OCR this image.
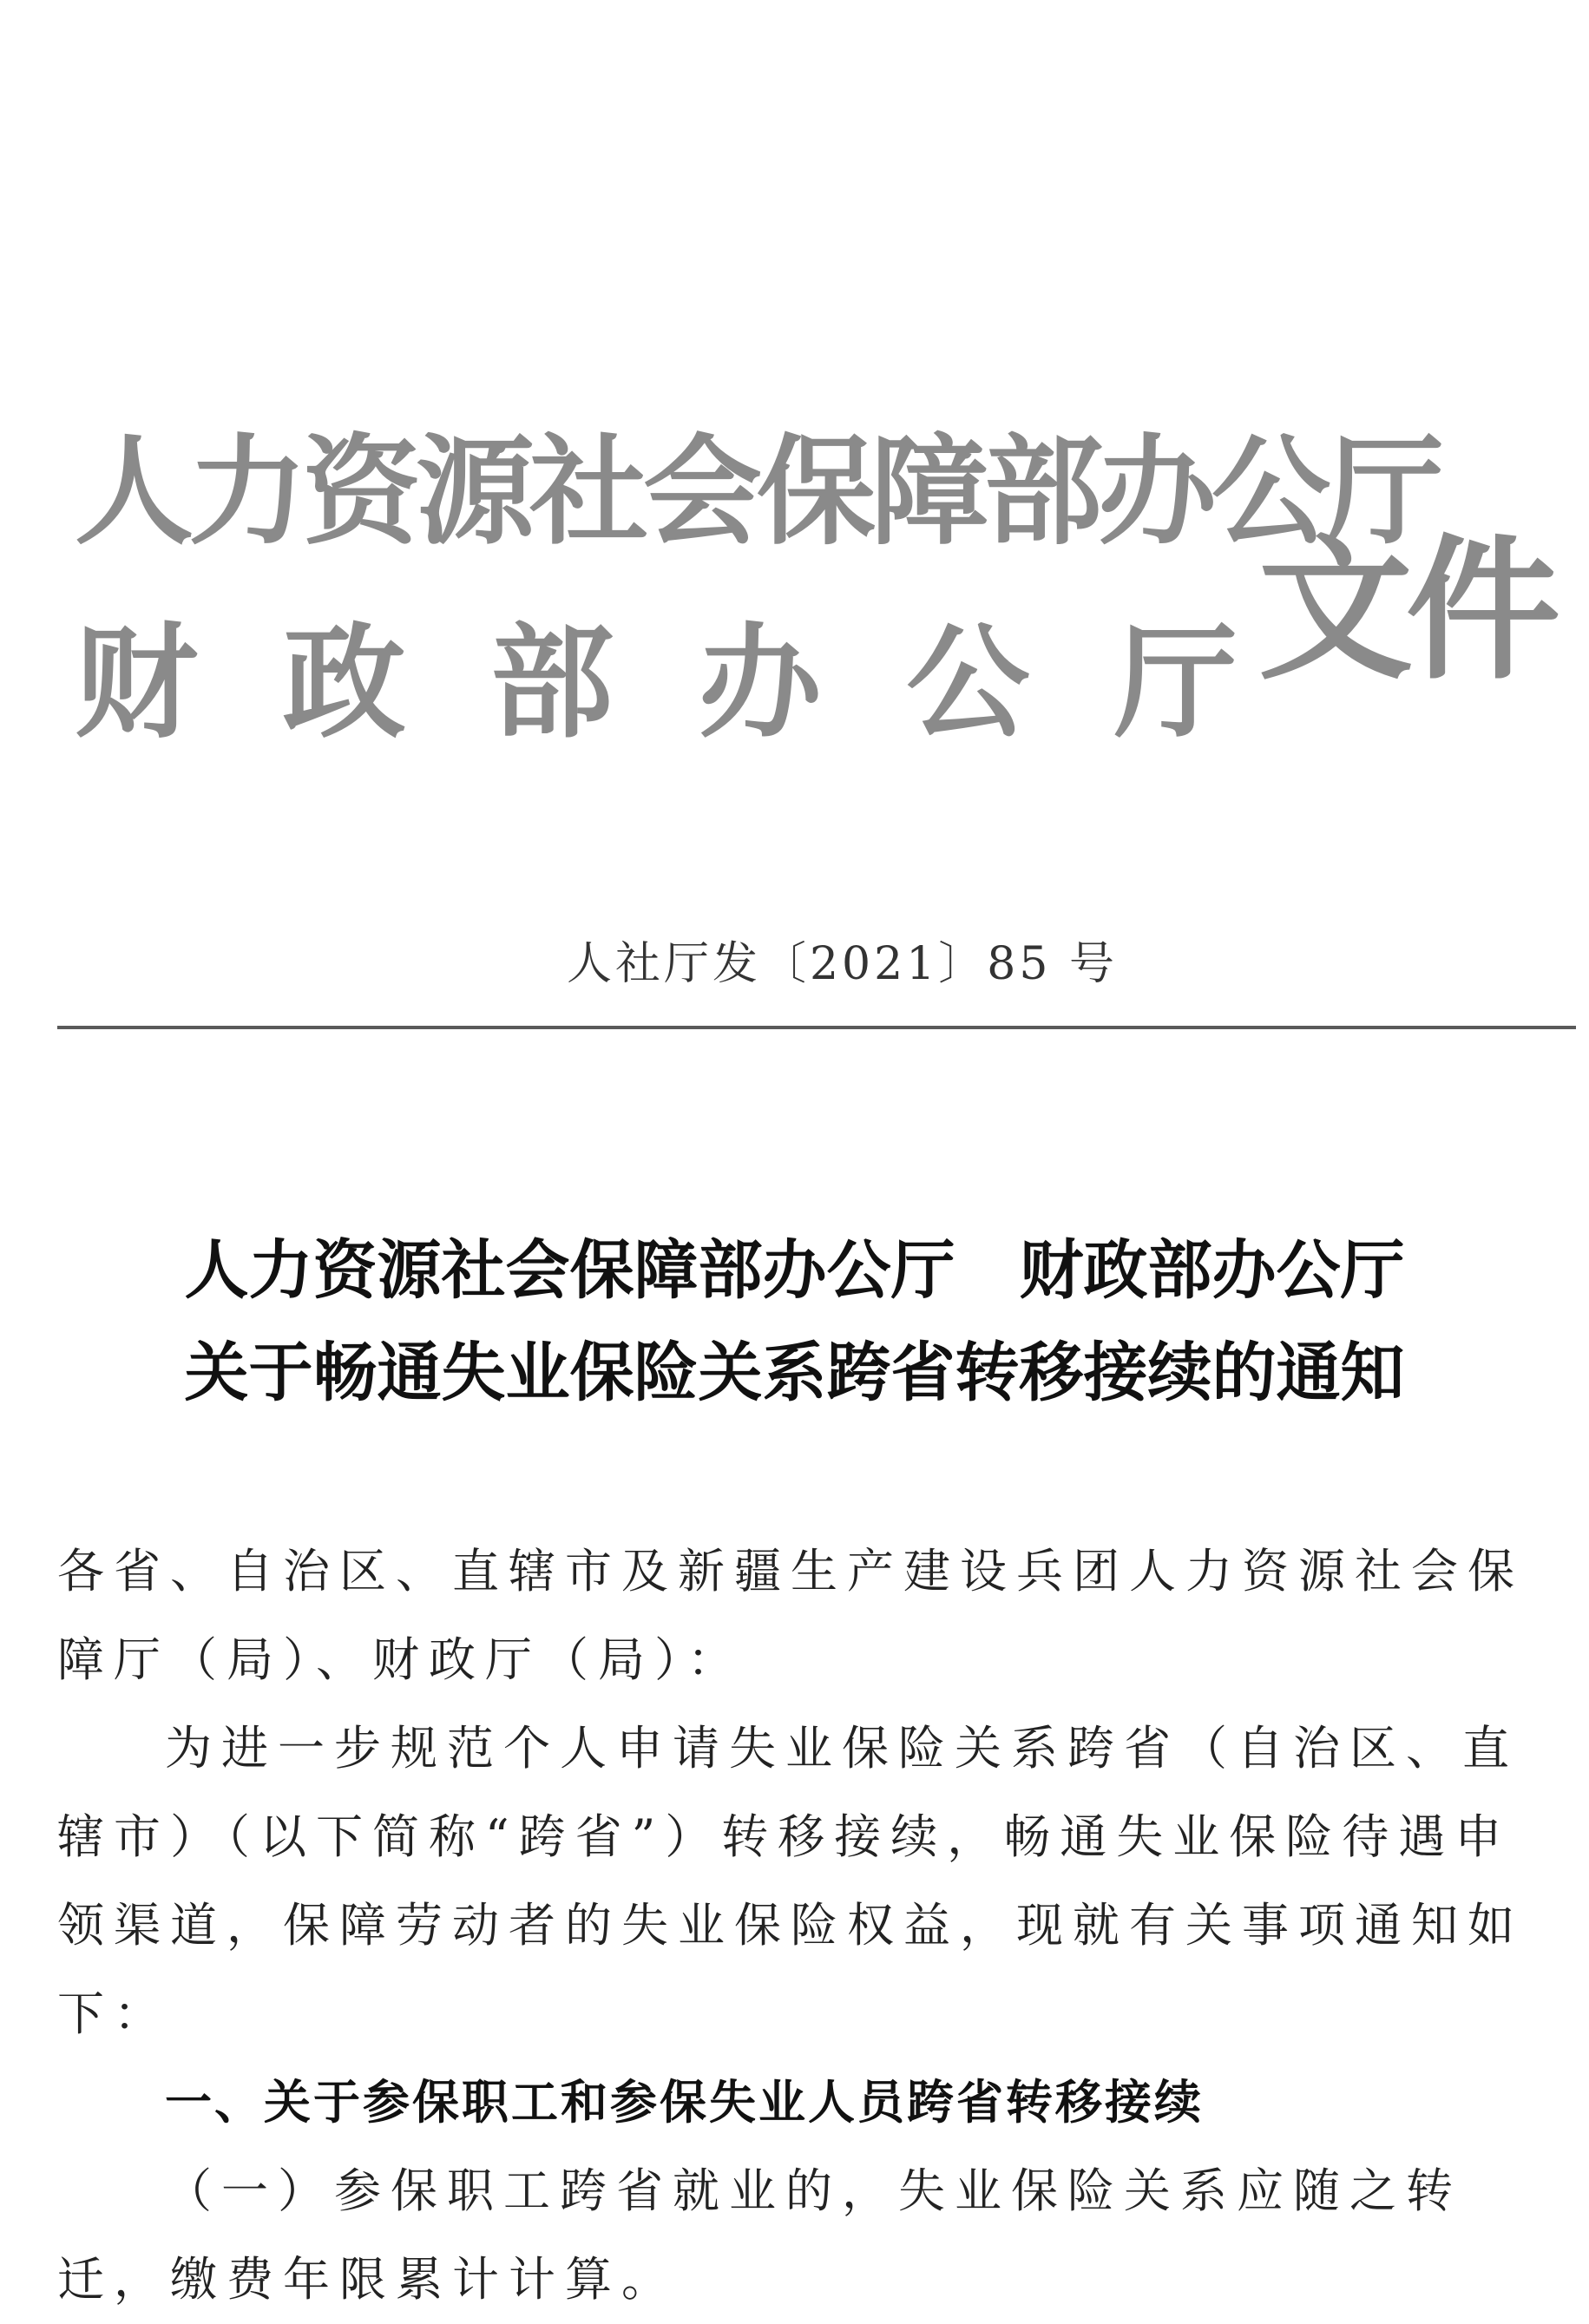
人力资源社会保障部办公厅
财 政 部 办 公 厅 文件
人社厅发〔2021〕85 号
人力资源社会保障部办公厅　财政部办公厅
关于畅通失业保险关系跨省转移接续的通知

各省、自治区、直辖市及新疆生产建设兵团人力资源社会保障厅（局）、财政厅（局）：

为进一步规范个人申请失业保险关系跨省（自治区、直辖市）（以下简称“跨省”）转移接续，畅通失业保险待遇申领渠道，保障劳动者的失业保险权益，现就有关事项通知如下：

一、关于参保职工和参保失业人员跨省转移接续

（一）参保职工跨省就业的，失业保险关系应随之转迁，缴费年限累计计算。
